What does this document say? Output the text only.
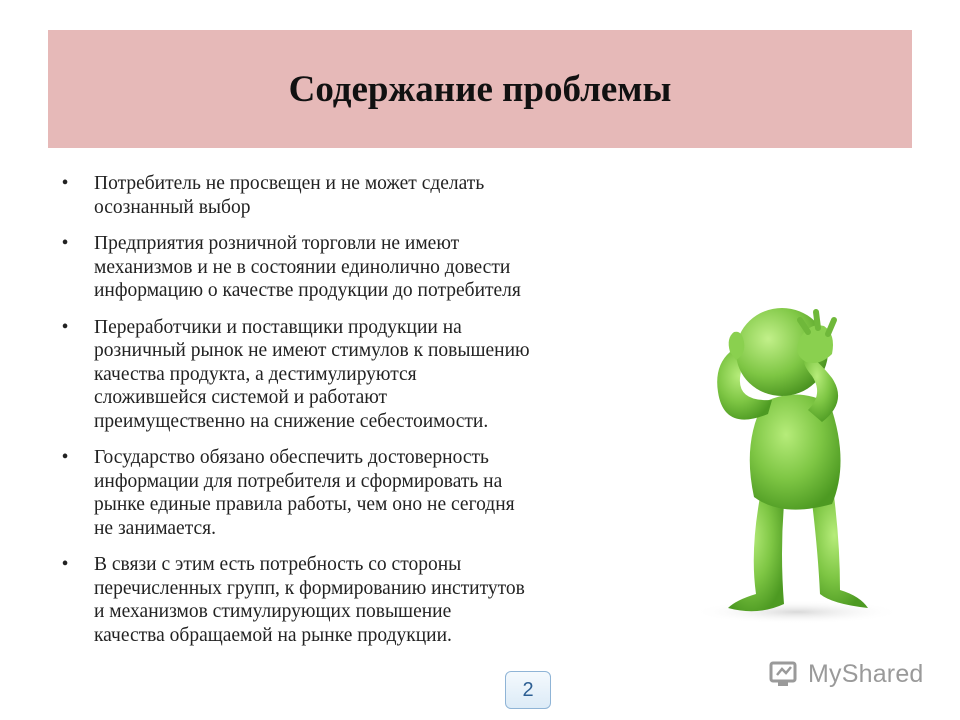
Содержание проблемы
• Потребитель не просвещен и не может сделать
осознанный выбор
• Предприятия розничной торговли не имеют
механизмов и не в состоянии единолично довести
информацию о качестве продукции до потребителя
• Переработчики и поставщики продукции на
розничный рынок не имеют стимулов к повышению
качества продукта, а дестимулируются
сложившейся системой и работают
преимущественно на снижение себестоимости.
• Государство обязано обеспечить достоверность
информации для потребителя и сформировать на
рынке единые правила работы, чем оно не сегодня
не занимается.
• В связи с этим есть потребность со стороны
перечисленных групп, к формированию институтов
и механизмов стимулирующих повышение
качества обращаемой на рынке продукции.
2
MyShared
